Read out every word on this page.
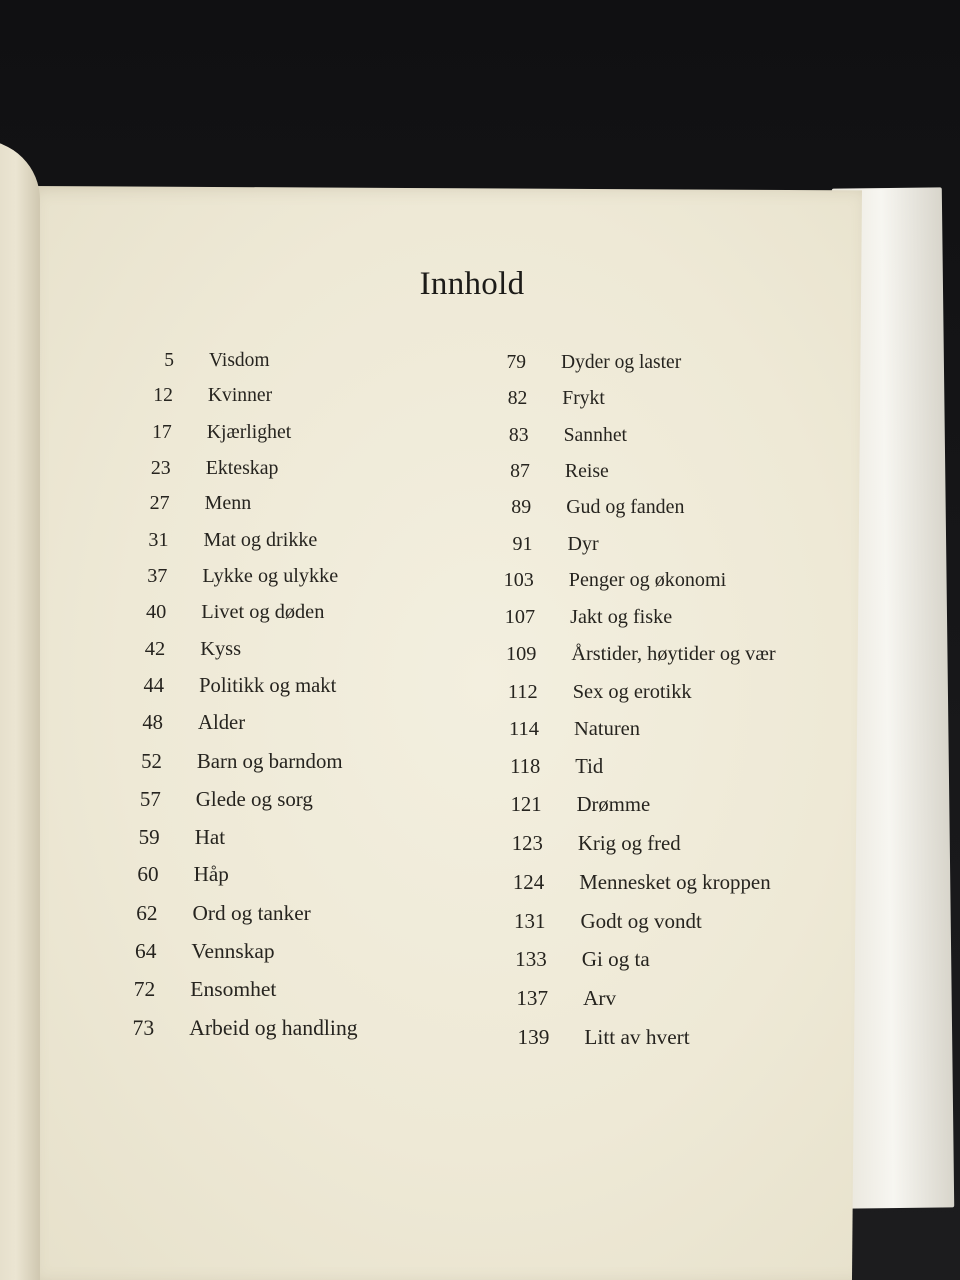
Innhold
5 Visdom
12 Kvinner
17 Kjærlighet
23 Ekteskap
27 Menn
31 Mat og drikke
37 Lykke og ulykke
40 Livet og døden
42 Kyss
44 Politikk og makt
48 Alder
52 Barn og barndom
57 Glede og sorg
59 Hat
60 Håp
62 Ord og tanker
64 Vennskap
72 Ensomhet
73 Arbeid og handling
79 Dyder og laster
82 Frykt
83 Sannhet
87 Reise
89 Gud og fanden
91 Dyr
103 Penger og økonomi
107 Jakt og fiske
109 Årstider, høytider og vær
112 Sex og erotikk
114 Naturen
118 Tid
121 Drømme
123 Krig og fred
124 Mennesket og kroppen
131 Godt og vondt
133 Gi og ta
137 Arv
139 Litt av hvert
